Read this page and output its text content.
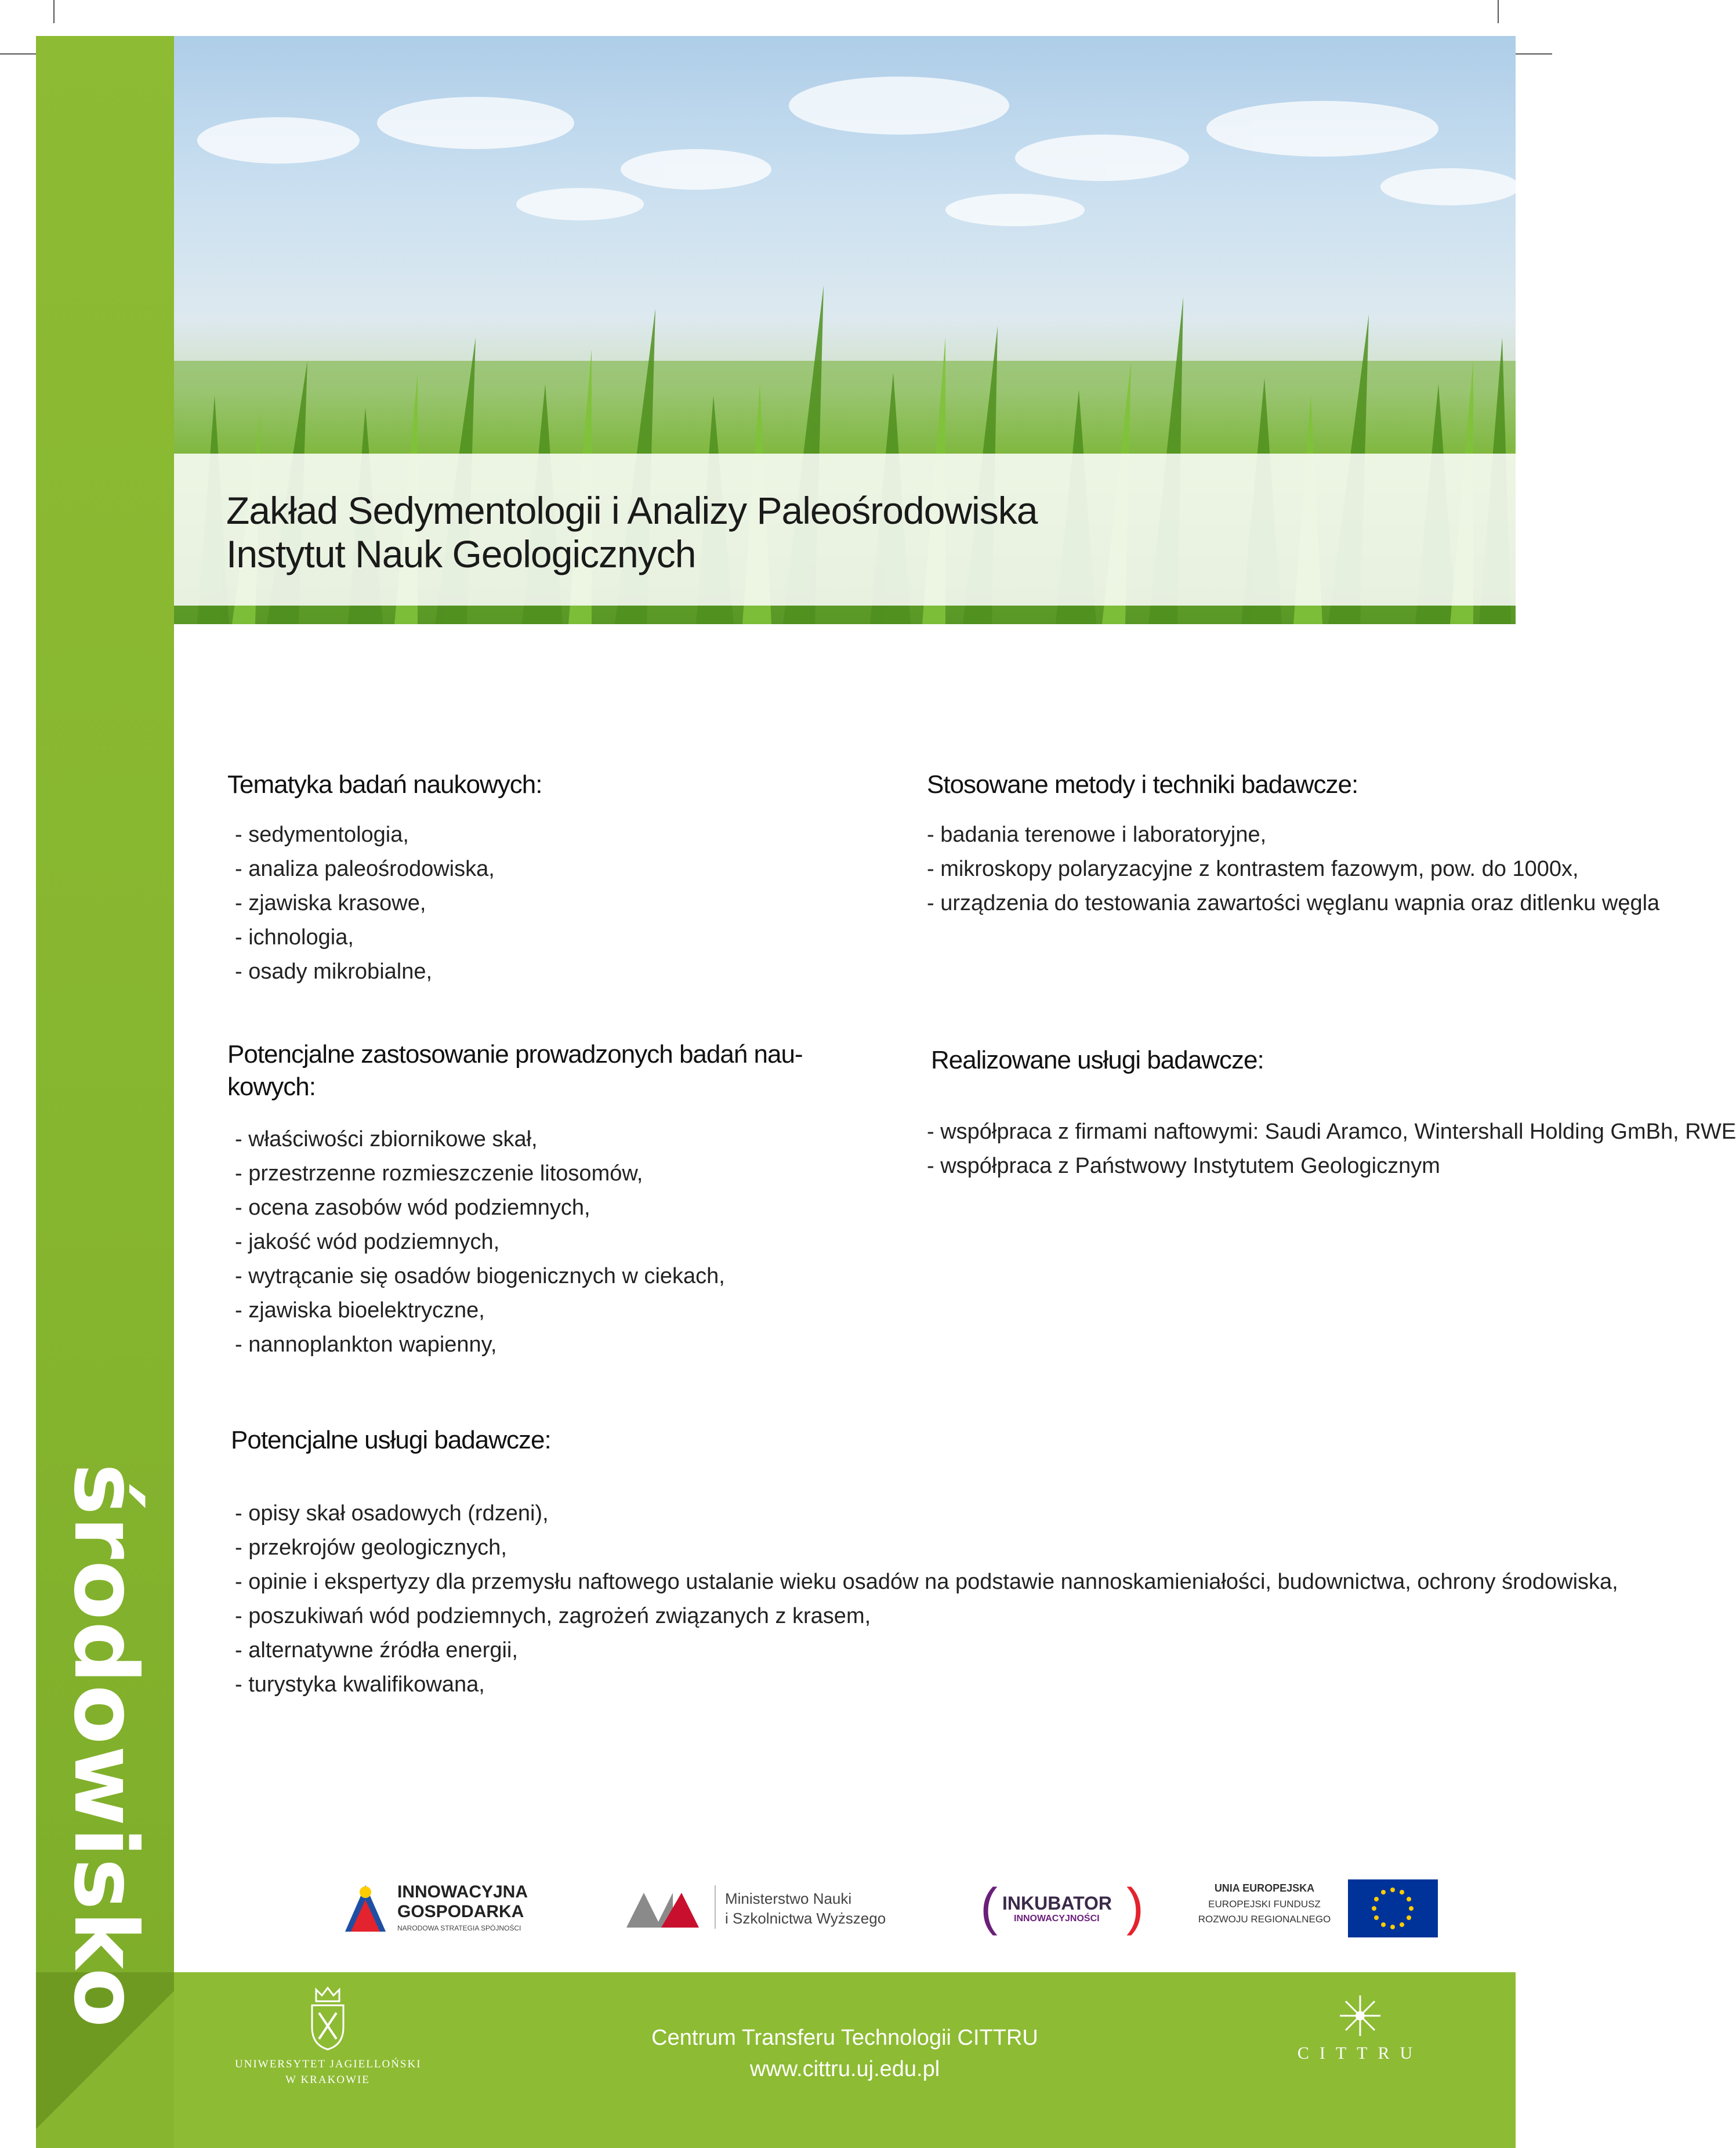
środowisko
Zakład Sedymentologii i Analizy Paleośrodowiska
Instytut Nauk Geologicznych
Tematyka badań naukowych:
- sedymentologia,
- analiza paleośrodowiska,
- zjawiska krasowe,
- ichnologia,
- osady mikrobialne,
Potencjalne zastosowanie prowadzonych badań nau-
kowych:
- właściwości zbiornikowe skał,
- przestrzenne rozmieszczenie litosomów,
- ocena zasobów wód podziemnych,
- jakość wód podziemnych,
- wytrącanie się osadów biogenicznych w ciekach,
- zjawiska bioelektryczne,
- nannoplankton wapienny,
Potencjalne usługi badawcze:
- opisy skał osadowych (rdzeni),
- przekrojów geologicznych,
- opinie i ekspertyzy dla przemysłu naftowego ustalanie wieku osadów na podstawie nannoskamieniałości, budownictwa, ochrony środowiska,
- poszukiwań wód podziemnych, zagrożeń związanych z krasem,
- alternatywne źródła energii,
- turystyka kwalifikowana,
Stosowane metody i techniki badawcze:
- badania terenowe i laboratoryjne,
- mikroskopy polaryzacyjne z kontrastem fazowym, pow. do 1000x,
- urządzenia do testowania zawartości węglanu wapnia oraz ditlenku węgla
Realizowane usługi badawcze:
- współpraca z firmami naftowymi: Saudi Aramco, Wintershall Holding GmBh, RWE
- współpraca z Państwowy Instytutem Geologicznym
INNOWACYJNA
GOSPODARKA
NARODOWA STRATEGIA SPÓJNOŚCI
Ministerstwo Nauki
i Szkolnictwa Wyższego ( INKUBATOR
INNOWACYJNOŚCI )	UNIA EUROPEJSKA
EUROPEJSKI FUNDUSZ
ROZWOJU REGIONALNEGO
UNIWERSYTET JAGIELLOŃSKI
W KRAKOWIE
Centrum Transferu Technologii CITTRU
www.cittru.uj.edu.pl
CITTRU
